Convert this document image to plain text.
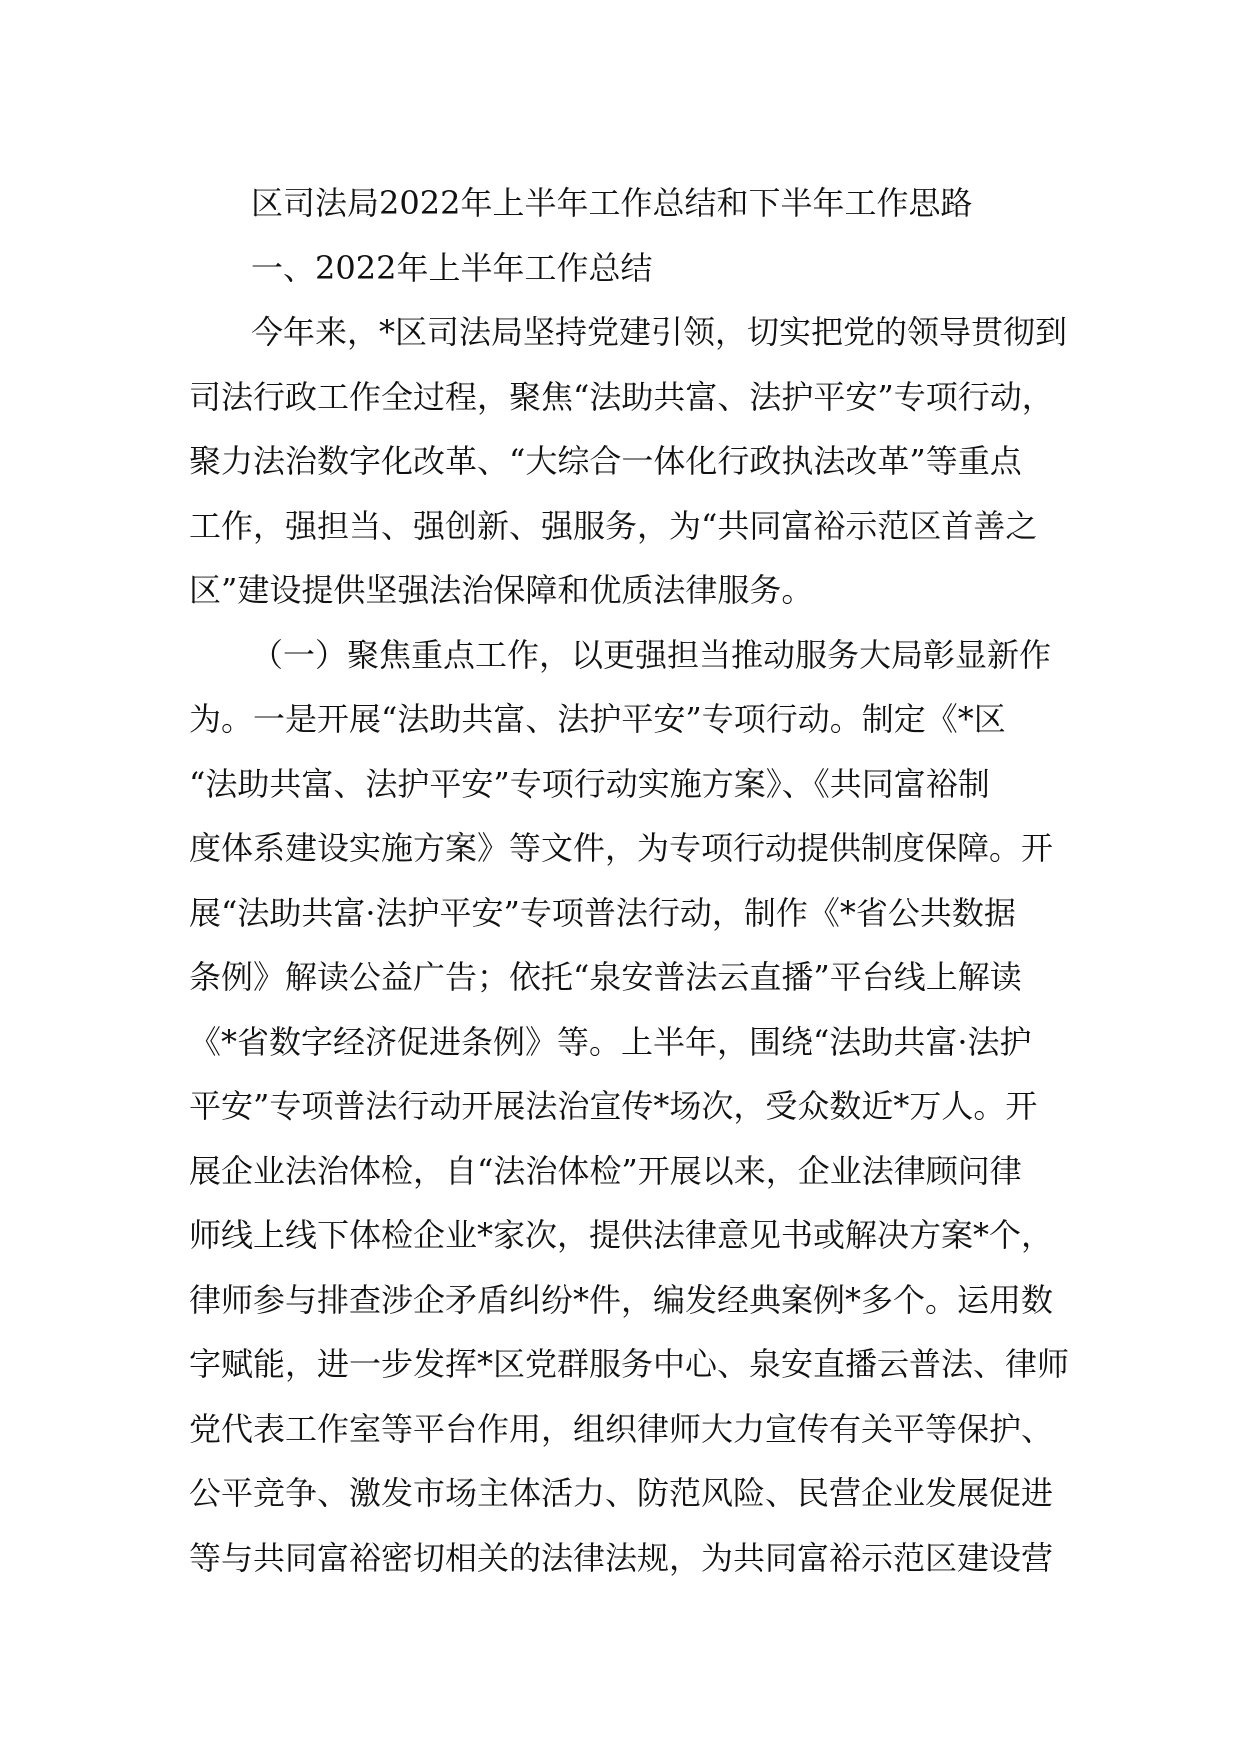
区司法局2022年上半年工作总结和下半年工作思路
一、2022年上半年工作总结
今年来，*区司法局坚持党建引领，切实把党的领导贯彻到
司法行政工作全过程，聚焦“法助共富、法护平安”专项行动，
聚力法治数字化改革、“大综合一体化行政执法改革”等重点
工作，强担当、强创新、强服务，为“共同富裕示范区首善之
区”建设提供坚强法治保障和优质法律服务。
（一）聚焦重点工作，以更强担当推动服务大局彰显新作
为。一是开展“法助共富、法护平安”专项行动。制定《*区
“法助共富、法护平安”专项行动实施方案》、《共同富裕制
度体系建设实施方案》等文件，为专项行动提供制度保障。开
展“法助共富·法护平安”专项普法行动，制作《*省公共数据
条例》解读公益广告；依托“泉安普法云直播”平台线上解读
《*省数字经济促进条例》等。上半年，围绕“法助共富·法护
平安”专项普法行动开展法治宣传*场次，受众数近*万人。开
展企业法治体检，自“法治体检”开展以来，企业法律顾问律
师线上线下体检企业*家次，提供法律意见书或解决方案*个，
律师参与排查涉企矛盾纠纷*件，编发经典案例*多个。运用数
字赋能，进一步发挥*区党群服务中心、泉安直播云普法、律师
党代表工作室等平台作用，组织律师大力宣传有关平等保护、
公平竞争、激发市场主体活力、防范风险、民营企业发展促进
等与共同富裕密切相关的法律法规，为共同富裕示范区建设营
